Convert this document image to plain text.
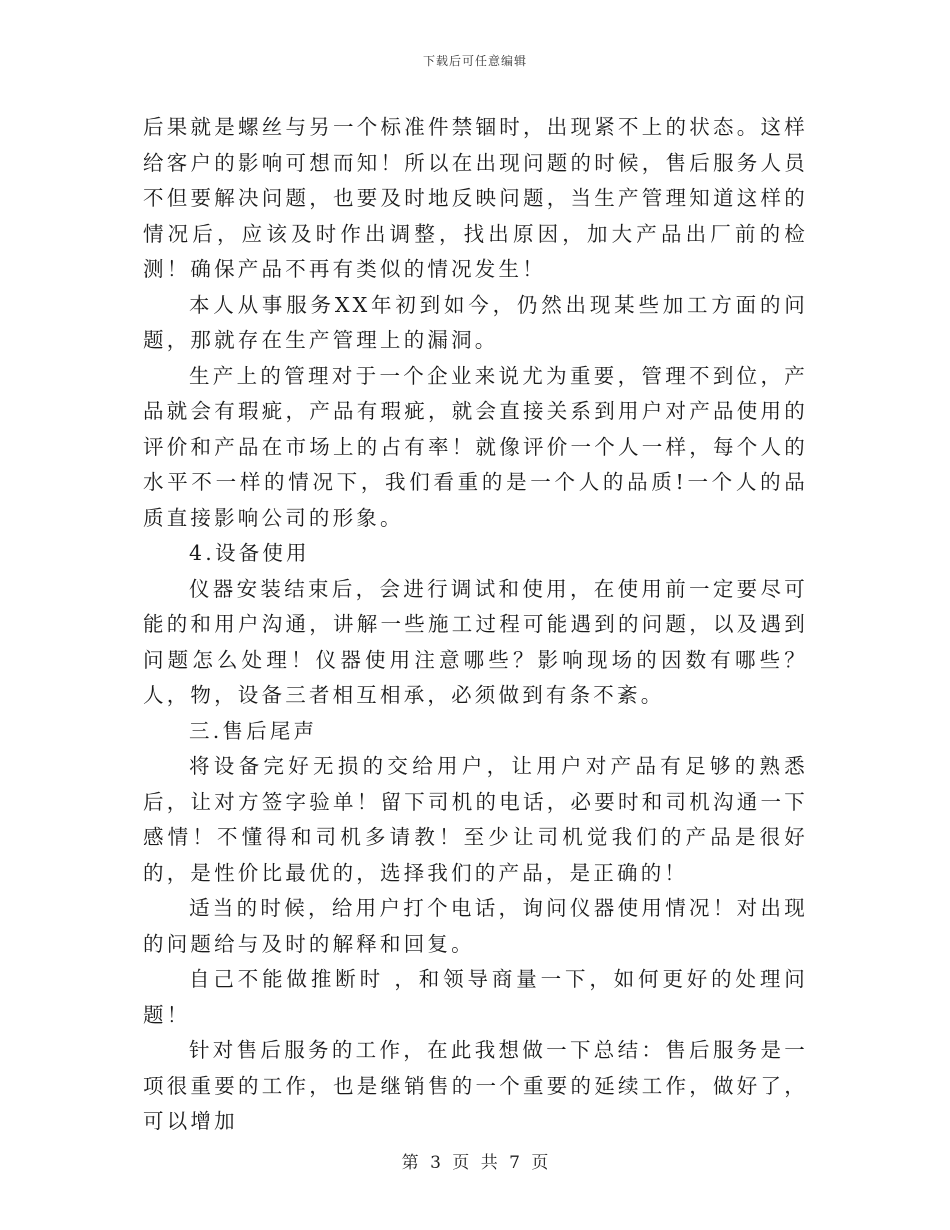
下载后可任意编辑

后果就是螺丝与另一个标准件禁锢时，出现紧不上的状态。这样给客户的影响可想而知！所以在出现问题的时候，售后服务人员不但要解决问题，也要及时地反映问题，当生产管理知道这样的情况后，应该及时作出调整，找出原因，加大产品出厂前的检测！确保产品不再有类似的情况发生！

本人从事服务XX年初到如今，仍然出现某些加工方面的问题，那就存在生产管理上的漏洞。

生产上的管理对于一个企业来说尤为重要，管理不到位，产品就会有瑕疵，产品有瑕疵，就会直接关系到用户对产品使用的评价和产品在市场上的占有率！就像评价一个人一样，每个人的水平不一样的情况下，我们看重的是一个人的品质!一个人的品质直接影响公司的形象。

4.设备使用

仪器安装结束后，会进行调试和使用，在使用前一定要尽可能的和用户沟通，讲解一些施工过程可能遇到的问题，以及遇到问题怎么处理！仪器使用注意哪些？影响现场的因数有哪些？ 人，物，设备三者相互相承，必须做到有条不紊。

三.售后尾声

将设备完好无损的交给用户，让用户对产品有足够的熟悉后，让对方签字验单！留下司机的电话，必要时和司机沟通一下感情！不懂得和司机多请教！至少让司机觉我们的产品是很好的，是性价比最优的，选择我们的产品，是正确的！

适当的时候，给用户打个电话，询问仪器使用情况！对出现的问题给与及时的解释和回复。

自己不能做推断时 ，和领导商量一下，如何更好的处理问题！

针对售后服务的工作，在此我想做一下总结：售后服务是一项很重要的工作，也是继销售的一个重要的延续工作，做好了，可以增加

第 3 页 共 7 页
